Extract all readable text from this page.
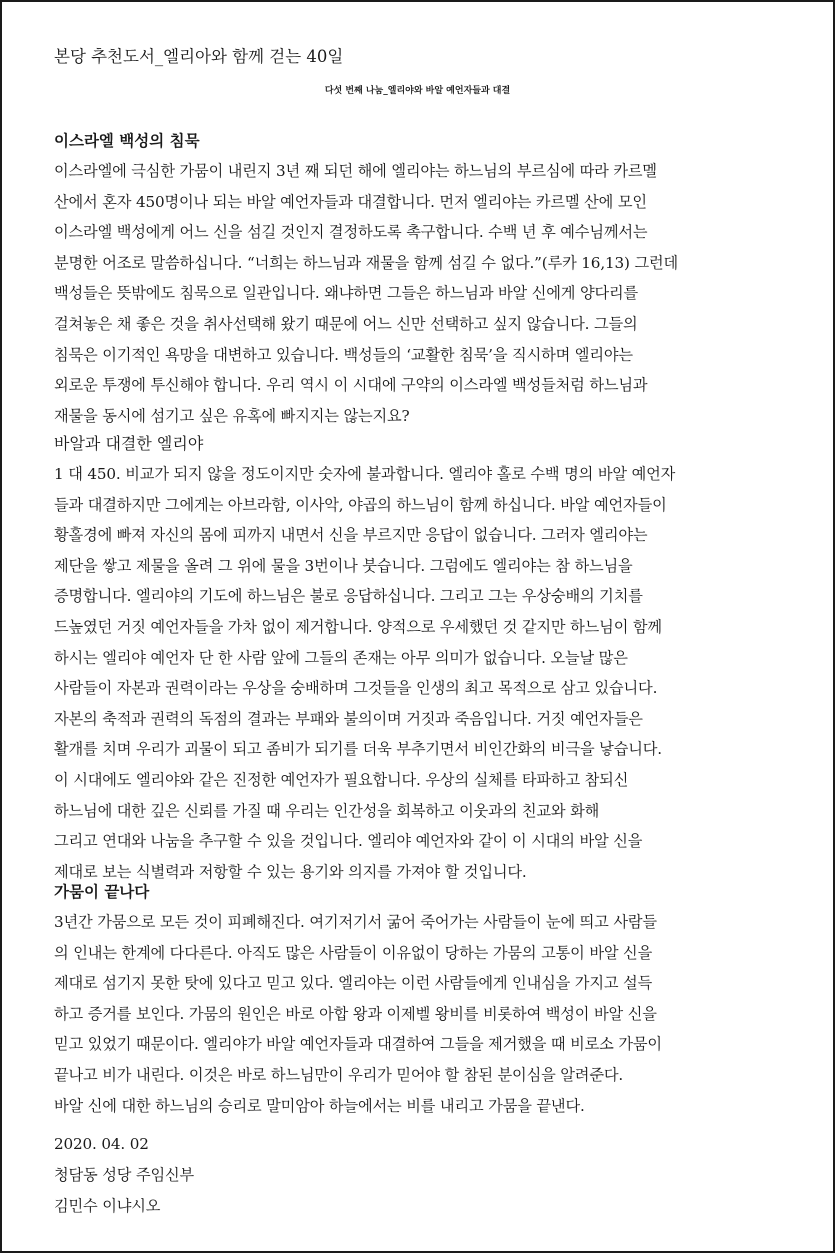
본당 추천도서_엘리아와 함께 걷는 40일
다섯 번째 나눔_엘리야와 바알 예언자들과 대결
이스라엘 백성의 침묵
이스라엘에 극심한 가뭄이 내린지 3년 째 되던 해에 엘리야는 하느님의 부르심에 따라 카르멜
산에서 혼자 450명이나 되는 바알 예언자들과 대결합니다. 먼저 엘리야는 카르멜 산에 모인
이스라엘 백성에게 어느 신을 섬길 것인지 결정하도록 촉구합니다. 수백 년 후 예수님께서는
분명한 어조로 말씀하십니다. “너희는 하느님과 재물을 함께 섬길 수 없다.”(루카 16,13) 그런데
백성들은 뜻밖에도 침묵으로 일관입니다. 왜냐하면 그들은 하느님과 바알 신에게 양다리를
걸쳐놓은 채 좋은 것을 취사선택해 왔기 때문에 어느 신만 선택하고 싶지 않습니다. 그들의
침묵은 이기적인 욕망을 대변하고 있습니다. 백성들의 ‘교활한 침묵’을 직시하며 엘리야는
외로운 투쟁에 투신해야 합니다. 우리 역시 이 시대에 구약의 이스라엘 백성들처럼 하느님과
재물을 동시에 섬기고 싶은 유혹에 빠지지는 않는지요?
바알과 대결한 엘리야
1 대 450. 비교가 되지 않을 정도이지만 숫자에 불과합니다. 엘리야 홀로 수백 명의 바알 예언자
들과 대결하지만 그에게는 아브라함, 이사악, 야곱의 하느님이 함께 하십니다. 바알 예언자들이
황홀경에 빠져 자신의 몸에 피까지 내면서 신을 부르지만 응답이 없습니다. 그러자 엘리야는
제단을 쌓고 제물을 올려 그 위에 물을 3번이나 붓습니다. 그럼에도 엘리야는 참 하느님을
증명합니다. 엘리야의 기도에 하느님은 불로 응답하십니다. 그리고 그는 우상숭배의 기치를
드높였던 거짓 예언자들을 가차 없이 제거합니다. 양적으로 우세했던 것 같지만 하느님이 함께
하시는 엘리야 예언자 단 한 사람 앞에 그들의 존재는 아무 의미가 없습니다. 오늘날 많은
사람들이 자본과 권력이라는 우상을 숭배하며 그것들을 인생의 최고 목적으로 삼고 있습니다.
자본의 축적과 권력의 독점의 결과는 부패와 불의이며 거짓과 죽음입니다. 거짓 예언자들은
활개를 치며 우리가 괴물이 되고 좀비가 되기를 더욱 부추기면서 비인간화의 비극을 낳습니다.
이 시대에도 엘리야와 같은 진정한 예언자가 필요합니다. 우상의 실체를 타파하고 참되신
하느님에 대한 깊은 신뢰를 가질 때 우리는 인간성을 회복하고 이웃과의 친교와 화해
그리고 연대와 나눔을 추구할 수 있을 것입니다. 엘리야 예언자와 같이 이 시대의 바알 신을
제대로 보는 식별력과 저항할 수 있는 용기와 의지를 가져야 할 것입니다.
가뭄이 끝나다
3년간 가뭄으로 모든 것이 피폐해진다. 여기저기서 굶어 죽어가는 사람들이 눈에 띄고 사람들
의 인내는 한계에 다다른다. 아직도 많은 사람들이 이유없이 당하는 가뭄의 고통이 바알 신을
제대로 섬기지 못한 탓에 있다고 믿고 있다. 엘리야는 이런 사람들에게 인내심을 가지고 설득
하고 증거를 보인다. 가뭄의 원인은 바로 아합 왕과 이제벨 왕비를 비롯하여 백성이 바알 신을
믿고 있었기 때문이다. 엘리야가 바알 예언자들과 대결하여 그들을 제거했을 때 비로소 가뭄이
끝나고 비가 내린다. 이것은 바로 하느님만이 우리가 믿어야 할 참된 분이심을 알려준다.
바알 신에 대한 하느님의 승리로 말미암아 하늘에서는 비를 내리고 가뭄을 끝낸다.
2020. 04. 02
청담동 성당 주임신부
김민수 이냐시오
